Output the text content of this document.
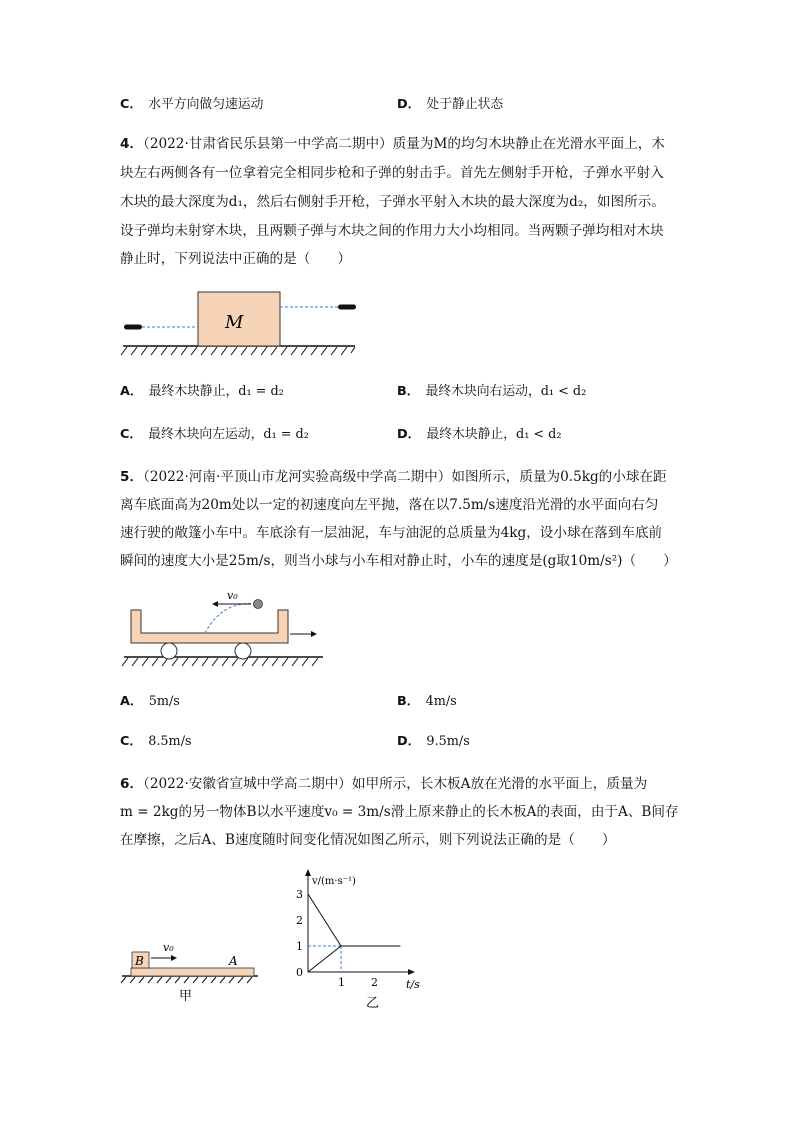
C． 水平方向做匀速运动	D． 处于静止状态
4．（2022·甘肃省民乐县第一中学高二期中）质量为M的均匀木块静止在光滑水平面上，木
块左右两侧各有一位拿着完全相同步枪和子弹的射击手。首先左侧射手开枪，子弹水平射入
木块的最大深度为d₁，然后右侧射手开枪，子弹水平射入木块的最大深度为d₂，如图所示。
设子弹均未射穿木块，且两颗子弹与木块之间的作用力大小均相同。当两颗子弹均相对木块
静止时，下列说法中正确的是（　　）
M
A． 最终木块静止，d₁ = d₂	B． 最终木块向右运动，d₁ < d₂
C． 最终木块向左运动，d₁ = d₂	D． 最终木块静止，d₁ < d₂
5．（2022·河南·平顶山市龙河实验高级中学高二期中）如图所示，质量为0.5kg的小球在距
离车底面高为20m处以一定的初速度向左平抛，落在以7.5m/s速度沿光滑的水平面向右匀
速行驶的敞篷小车中。车底涂有一层油泥，车与油泥的总质量为4kg，设小球在落到车底前
瞬间的速度大小是25m/s，则当小球与小车相对静止时，小车的速度是(g取10m/s²)（　　）
v₀
A． 5m/s	B． 4m/s
C． 8.5m/s	D． 9.5m/s
6．（2022·安徽省宣城中学高二期中）如甲所示，长木板A放在光滑的水平面上，质量为
m = 2kg的另一物体B以水平速度v₀ = 3m/s滑上原来静止的长木板A的表面，由于A、B间存
在摩擦，之后A、B速度随时间变化情况如图乙所示，则下列说法正确的是（　　）
B	A
v₀
甲
v/(m·s⁻¹)
t/s
3
2
1
0
1 2
乙
